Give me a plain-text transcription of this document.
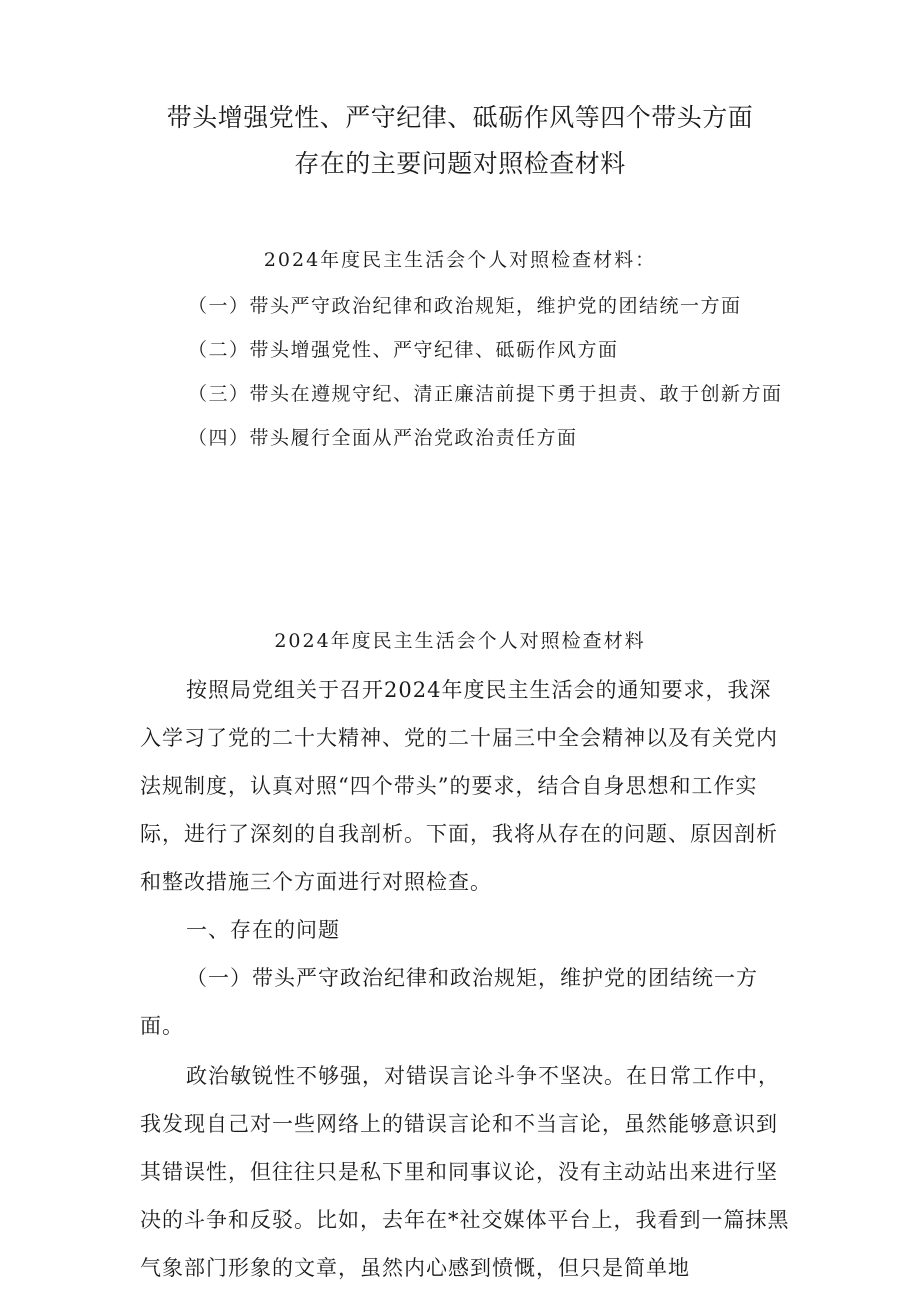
带头增强党性、严守纪律、砥砺作风等四个带头方面
存在的主要问题对照检查材料
2024年度民主生活会个人对照检查材料：
（一）带头严守政治纪律和政治规矩，维护党的团结统一方面
（二）带头增强党性、严守纪律、砥砺作风方面
（三）带头在遵规守纪、清正廉洁前提下勇于担责、敢于创新方面
（四）带头履行全面从严治党政治责任方面
2024年度民主生活会个人对照检查材料

按照局党组关于召开2024年度民主生活会的通知要求，我深入学习了党的二十大精神、党的二十届三中全会精神以及有关党内法规制度，认真对照“四个带头”的要求，结合自身思想和工作实际，进行了深刻的自我剖析。下面，我将从存在的问题、原因剖析和整改措施三个方面进行对照检查。

一、存在的问题

（一）带头严守政治纪律和政治规矩，维护党的团结统一方面。

政治敏锐性不够强，对错误言论斗争不坚决。在日常工作中，我发现自己对一些网络上的错误言论和不当言论，虽然能够意识到其错误性，但往往只是私下里和同事议论，没有主动站出来进行坚决的斗争和反驳。比如，去年在*社交媒体平台上，我看到一篇抹黑气象部门形象的文章，虽然内心感到愤慨，但只是简单地
